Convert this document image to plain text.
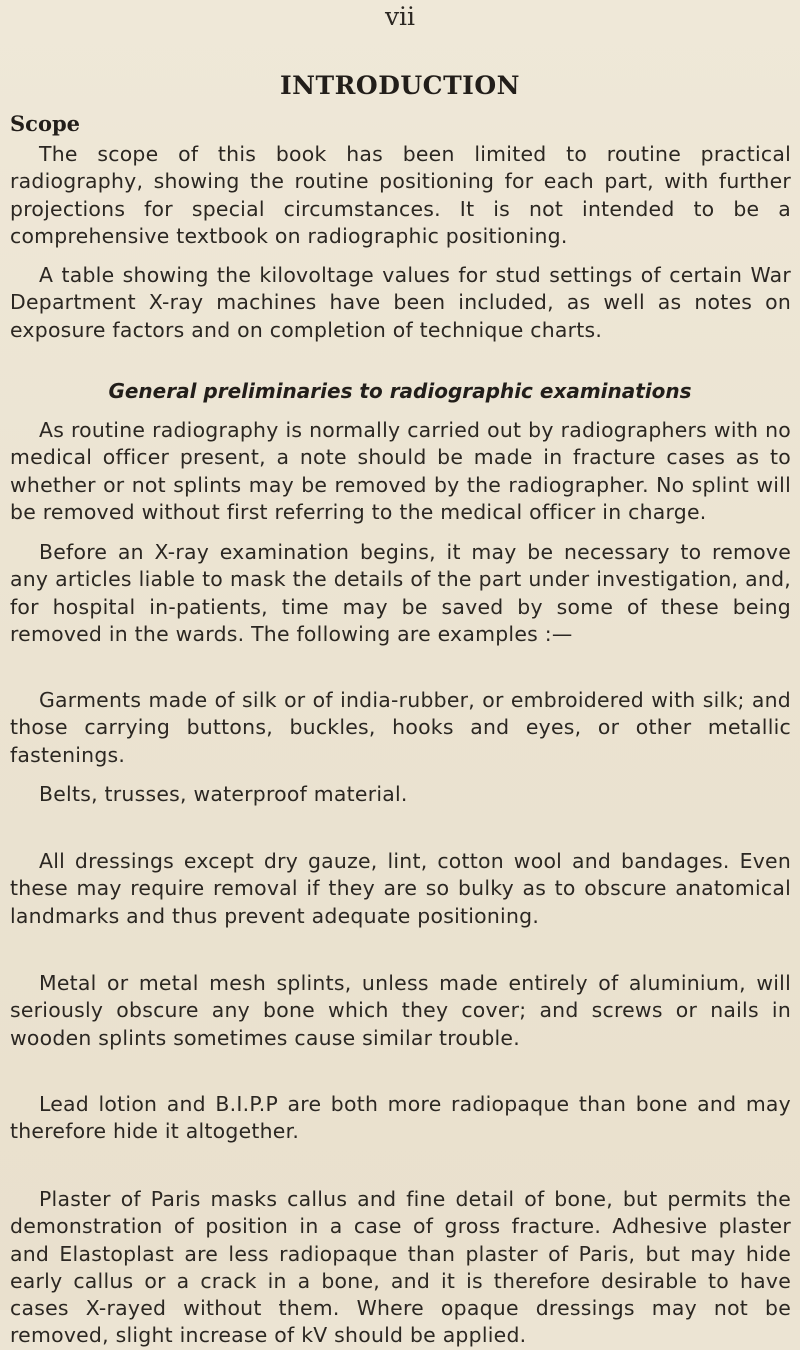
vii
INTRODUCTION
Scope

The scope of this book has been limited to routine practical radiography, showing the routine positioning for each part, with further projections for special circumstances. It is not intended to be a comprehensive textbook on radiographic positioning.

A table showing the kilovoltage values for stud settings of certain War Department X-ray machines have been included, as well as notes on exposure factors and on completion of technique charts.

General preliminaries to radiographic examinations

As routine radiography is normally carried out by radiographers with no medical officer present, a note should be made in fracture cases as to whether or not splints may be removed by the radiographer. No splint will be removed without first referring to the medical officer in charge.

Before an X-ray examination begins, it may be necessary to remove any articles liable to mask the details of the part under investigation, and, for hospital in-patients, time may be saved by some of these being removed in the wards. The following are examples :—

Garments made of silk or of india-rubber, or embroidered with silk; and those carrying buttons, buckles, hooks and eyes, or other metallic fastenings.

Belts, trusses, waterproof material.

All dressings except dry gauze, lint, cotton wool and bandages. Even these may require removal if they are so bulky as to obscure anatomical landmarks and thus prevent adequate positioning.

Metal or metal mesh splints, unless made entirely of aluminium, will seriously obscure any bone which they cover; and screws or nails in wooden splints sometimes cause similar trouble.

Lead lotion and B.I.P.P are both more radiopaque than bone and may therefore hide it altogether.

Plaster of Paris masks callus and fine detail of bone, but permits the demonstration of position in a case of gross fracture. Adhesive plaster and Elastoplast are less radiopaque than plaster of Paris, but may hide early callus or a crack in a bone, and it is therefore desirable to have cases X-rayed without them. Where opaque dressings may not be removed, slight increase of kV should be applied.
